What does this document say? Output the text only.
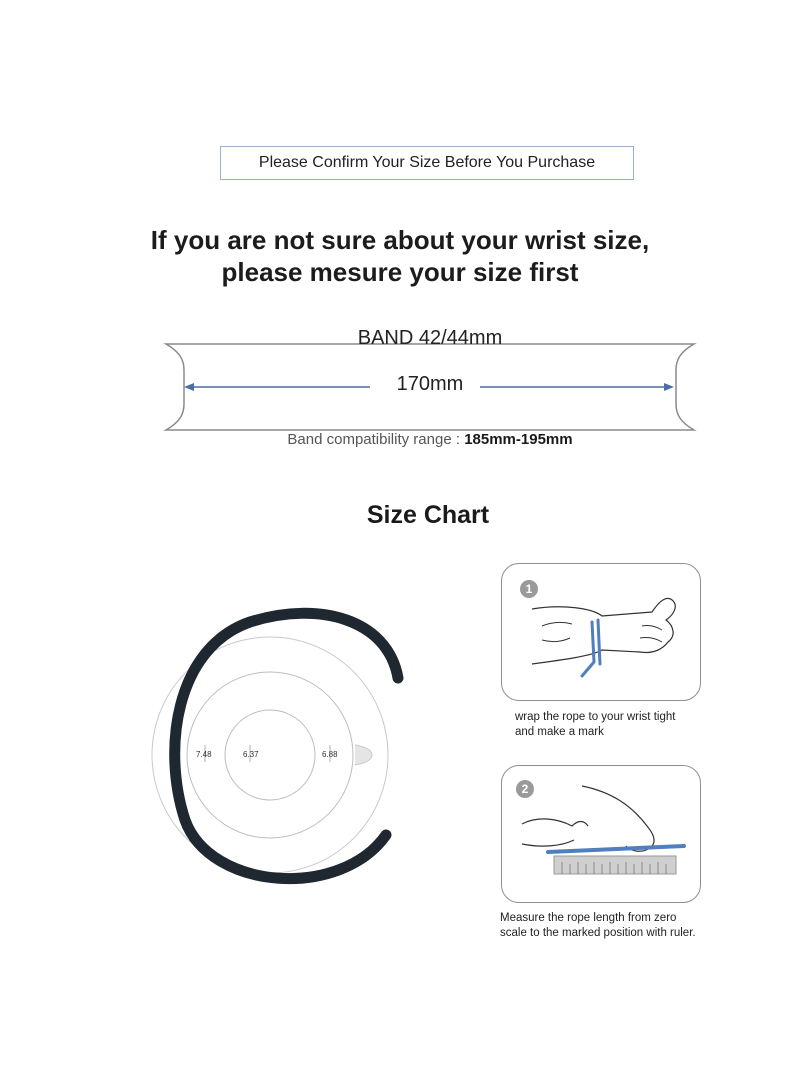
Please Confirm Your Size Before You Purchase
If you are not sure about your wrist size,
please mesure your size first
BAND 42/44mm
170mm
Band compatibility range : 185mm-195mm
Size Chart
7.48	6.37	6.88
1
wrap the rope to your wrist tight
and make a mark
2
Measure the rope length from zero
scale to the marked position with ruler.
